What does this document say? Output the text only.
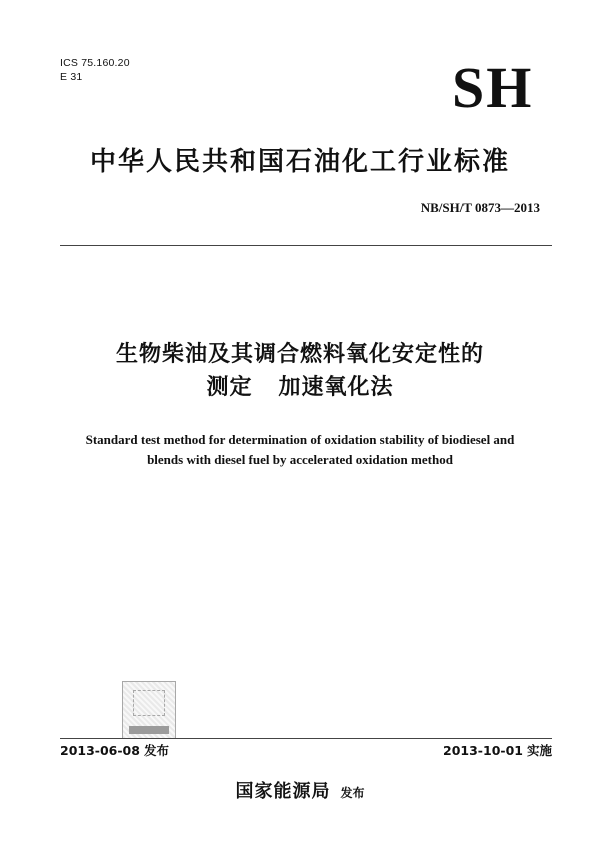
ICS 75.160.20
E 31	SH
中华人民共和国石油化工行业标准
NB/SH/T 0873—2013
生物柴油及其调合燃料氧化安定性的
测定 加速氧化法
Standard test method for determination of oxidation stability of biodiesel and
blends with diesel fuel by accelerated oxidation method
2013-06-08 发布	2013-10-01 实施
国家能源局 发布
